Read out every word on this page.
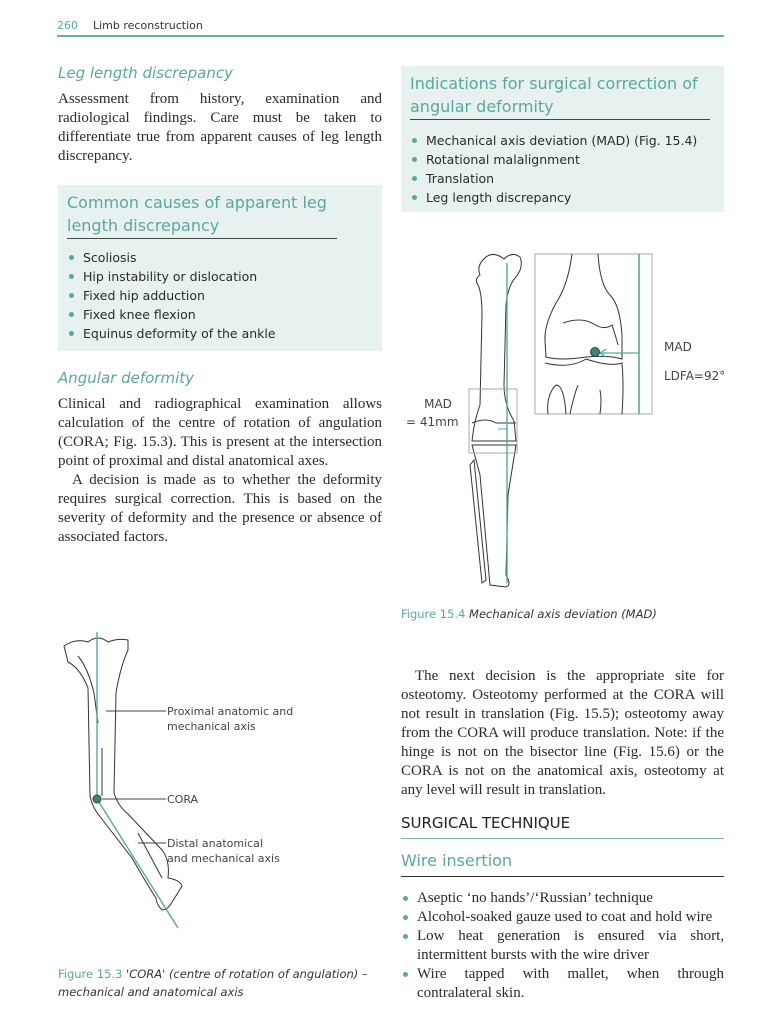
260 Limb reconstruction
Leg length discrepancy

Assessment from history, examination and radiological findings. Care must be taken to differentiate true from apparent causes of leg length discrepancy.

Common causes of apparent leg length discrepancy
Scoliosis
Hip instability or dislocation
Fixed hip adduction
Fixed knee flexion
Equinus deformity of the ankle
Angular deformity

Clinical and radiographical examination allows calculation of the centre of rotation of angulation (CORA; Fig. 15.3). This is present at the intersection point of proximal and distal anatomical axes.

A decision is made as to whether the deformity requires surgical correction. This is based on the severity of deformity and the presence or absence of associated factors.

Proximal anatomic and mechanical axis
CORA
Distal anatomical and mechanical axis
Figure 15.3 'CORA' (centre of rotation of angulation) – mechanical and anatomical axis
Indications for surgical correction of angular deformity
Mechanical axis deviation (MAD) (Fig. 15.4)
Rotational malalignment
Translation
Leg length discrepancy
MAD
= 41mm
MAD
LDFA=92°
Figure 15.4 Mechanical axis deviation (MAD)

The next decision is the appropriate site for osteotomy. Osteotomy performed at the CORA will not result in translation (Fig. 15.5); osteotomy away from the CORA will produce translation. Note: if the hinge is not on the bisector line (Fig. 15.6) or the CORA is not on the anatomical axis, osteotomy at any level will result in translation.

SURGICAL TECHNIQUE
Wire insertion
Aseptic ‘no hands’/‘Russian’ technique
Alcohol-soaked gauze used to coat and hold wire
Low heat generation is ensured via short, intermittent bursts with the wire driver
Wire tapped with mallet, when through contralateral skin.
